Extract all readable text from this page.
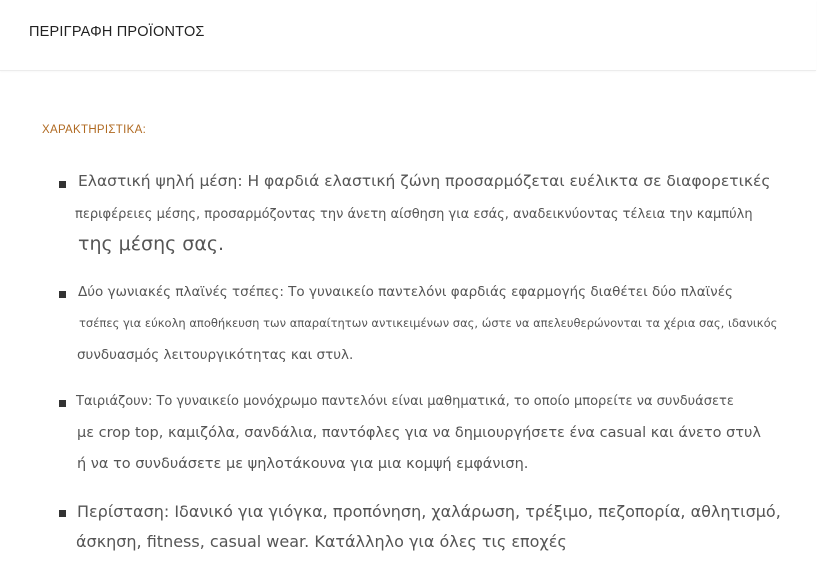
ΠΕΡΙΓΡΑΦΗ ΠΡΟΪΟΝΤΟΣ
ΧΑΡΑΚΤΗΡΙΣΤΙΚΑ:
Ελαστική ψηλή μέση: Η φαρδιά ελαστική ζώνη προσαρμόζεται ευέλικτα σε διαφορετικές
περιφέρειες μέσης, προσαρμόζοντας την άνετη αίσθηση για εσάς, αναδεικνύοντας τέλεια την καμπύλη
της μέσης σας.
Δύο γωνιακές πλαϊνές τσέπες: Το γυναικείο παντελόνι φαρδιάς εφαρμογής διαθέτει δύο πλαϊνές
τσέπες για εύκολη αποθήκευση των απαραίτητων αντικειμένων σας, ώστε να απελευθερώνονται τα χέρια σας, ιδανικός
συνδυασμός λειτουργικότητας και στυλ.
Ταιριάζουν: Το γυναικείο μονόχρωμο παντελόνι είναι μαθηματικά, το οποίο μπορείτε να συνδυάσετε
με crop top, καμιζόλα, σανδάλια, παντόφλες για να δημιουργήσετε ένα casual και άνετο στυλ
ή να το συνδυάσετε με ψηλοτάκουνα για μια κομψή εμφάνιση.
Περίσταση: Ιδανικό για γιόγκα, προπόνηση, χαλάρωση, τρέξιμο, πεζοπορία, αθλητισμό,
άσκηση, fitness, casual wear. Κατάλληλο για όλες τις εποχές
